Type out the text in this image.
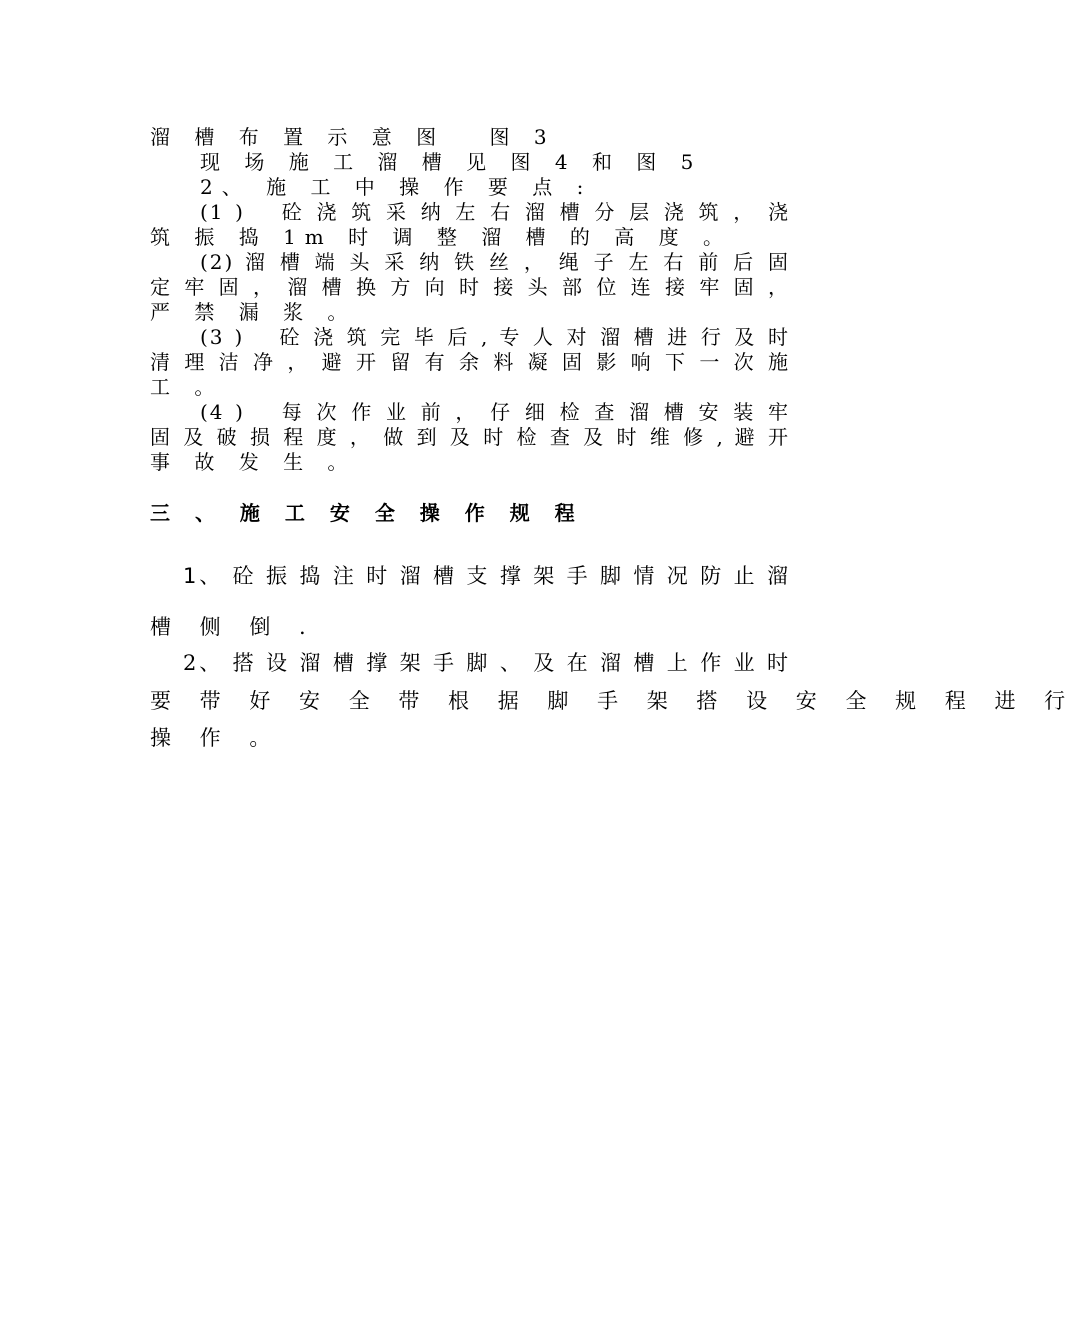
溜 槽 布 置 示 意 图 　图 3

现 场 施 工 溜 槽 见 图 4 和 图 5

2、 施 工 中 操 作 要 点 :

(1 )　 砼 浇 筑 采 纳 左 右 溜 槽 分 层 浇 筑 ， 浇

筑 振 捣 1m 时 调 整 溜 槽 的 高 度 。

(2) 溜 槽 端 头 采 纳 铁 丝 ， 绳 子 左 右 前 后 固

定 牢 固 ， 溜 槽 换 方 向 时 接 头 部 位 连 接 牢 固 ，

严 禁 漏 浆 。

(3 )　 砼 浇 筑 完 毕 后 , 专 人 对 溜 槽 进 行 及 时

清 理 洁 净 ， 避 开 留 有 余 料 凝 固 影 响 下 一 次 施

工 。

(4 )　 每 次 作 业 前 ， 仔 细 检 查 溜 槽 安 装 牢

固 及 破 损 程 度 ， 做 到 及 时 检 查 及 时 维 修 , 避 开

事 故 发 生 。

三 、 施 工 安 全 操 作 规 程

1、 砼 振 捣 注 时 溜 槽 支 撑 架 手 脚 情 况 防 止 溜

槽 侧 倒 .

2、 搭 设 溜 槽 撑 架 手 脚 、 及 在 溜 槽 上 作 业 时

要 带 好 安 全 带 根 据 脚 手 架 搭 设 安 全 规 程 进 行

操 作 。
